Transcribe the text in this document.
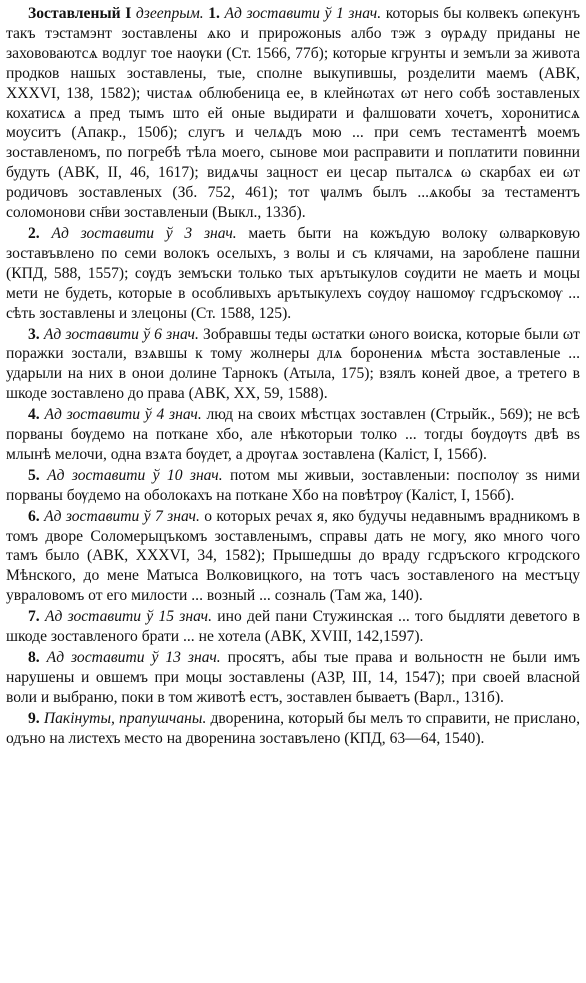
Зоставленый I дзеепрым. 1. Ад зоставити ў 1 знач. которыѕ бы колвекъ ωпекунъ такъ тэстамэнт зоставлены ѧко и прирожоныѕ албо тэж з ѹрѧду приданы не захововаютсѧ водлуг тое наѹки (Ст. 1566, 77б); которые кгрунты и земъли за живота продков нашых зоставлены, тые, сполне выкупившы, розделити маемъ (АВК, XXXVI, 138, 1582); чистаѧ облюбеница ее, в клейнωтах ωт него собѣ зоставленых кохатисѧ а пред тымъ што ей оные выдирати и фалшовати хочетъ, хоронитисѧ моуситъ (Апакр., 150б); слугъ и челѧдъ мою ... при семъ тестаментѣ моемъ зоставленомъ, по погребѣ тѣла моего, сынове мои расправити и поплатити повинни будуть (АВК, II, 46, 1617); видѧчы зацност еи цесар пыталсѧ ω скарбах еи ωт родичовъ зоставленых (Зб. 752, 461); тот ѱалмъ былъ ...ѧкобы за тестаментъ соломонови сн҃ви зоставленыи (Выкл., 133б).

2. Ад зоставити ў 3 знач. маеть быти на кожъдую волоку ωлварковую зоставъвлено по семи волокъ оселыхъ, з волы и съ клячами, на зароблене пашни (КПД, 588, 1557); сѹдъ земъски только тых арътыкулов сѹдити не маеть и моцы мети не будеть, которые в особливыхъ арътыкулехъ сѹдѹ нашомѹ гсдръскомѹ ... сѣть зоставлены и злецоны (Ст. 1588, 125).

3. Ад зоставити ў 6 знач. Зобравшы теды ωстатки ωного воиска, которые были ωт поражки зостали, взѧвшы к тому жолнеры длѧ боронениѧ мѣста зоставленые ... ударыли на них в онои долине Тарнокъ (Атыла, 175); взялъ коней двое, а третего в шкоде зоставлено до права (АВК, XX, 59, 1588).

4. Ад зоставити ў 4 знач. люд на своих мѣстцах зоставлен (Стрыйк., 569); не всѣ порваны бѹдемо на поткане хбо, але нѣкоторыи толко ... тогды бѹдѹтѕ двѣ вѕ млынѣ мелочи, одна взѧта бѹдет, а дрѹгаѧ зоставлена (Каліст, I, 156б).

5. Ад зоставити ў 10 знач. потом мы живыи, зоставленыи: посполѹ зѕ ними порваны бѹдемо на оболокахъ на поткане Хбо на повѣтрѹ (Каліст, I, 156б).

6. Ад зоставити ў 7 знач. о которых речах я, яко будучы недавнымъ врадникомъ в томъ дворе Соломерыцъкомъ зоставленымъ, справы дать не могу, яко много чого тамъ было (АВК, XXXVI, 34, 1582); Прышедшы до враду гсдръского кгродского Мѣнского, до мене Матыса Волковицкого, на тотъ часъ зоставленого на местъцу увраловомъ от его милости ... возный ... созналь (Там жа, 140).

7. Ад зоставити ў 15 знач. ино дей пани Стужинская ... того быдляти деветого в шкоде зоставленого брати ... не хотела (АВК, XVIII, 142,1597).

8. Ад зоставити ў 13 знач. просятъ, абы тые права и вольностн не были имъ нарушены и овшемъ при моцы зоставлены (АЗР, III, 14, 1547); при своей власной воли и выбраню, поки в том животѣ естъ, зоставлен бываетъ (Варл., 131б).

9. Пакінуты, прапушчаны. дворенина, который бы мелъ то справити, не прислано, одъно на листехъ место на дворенина зоставълено (КПД, 63—64, 1540).
